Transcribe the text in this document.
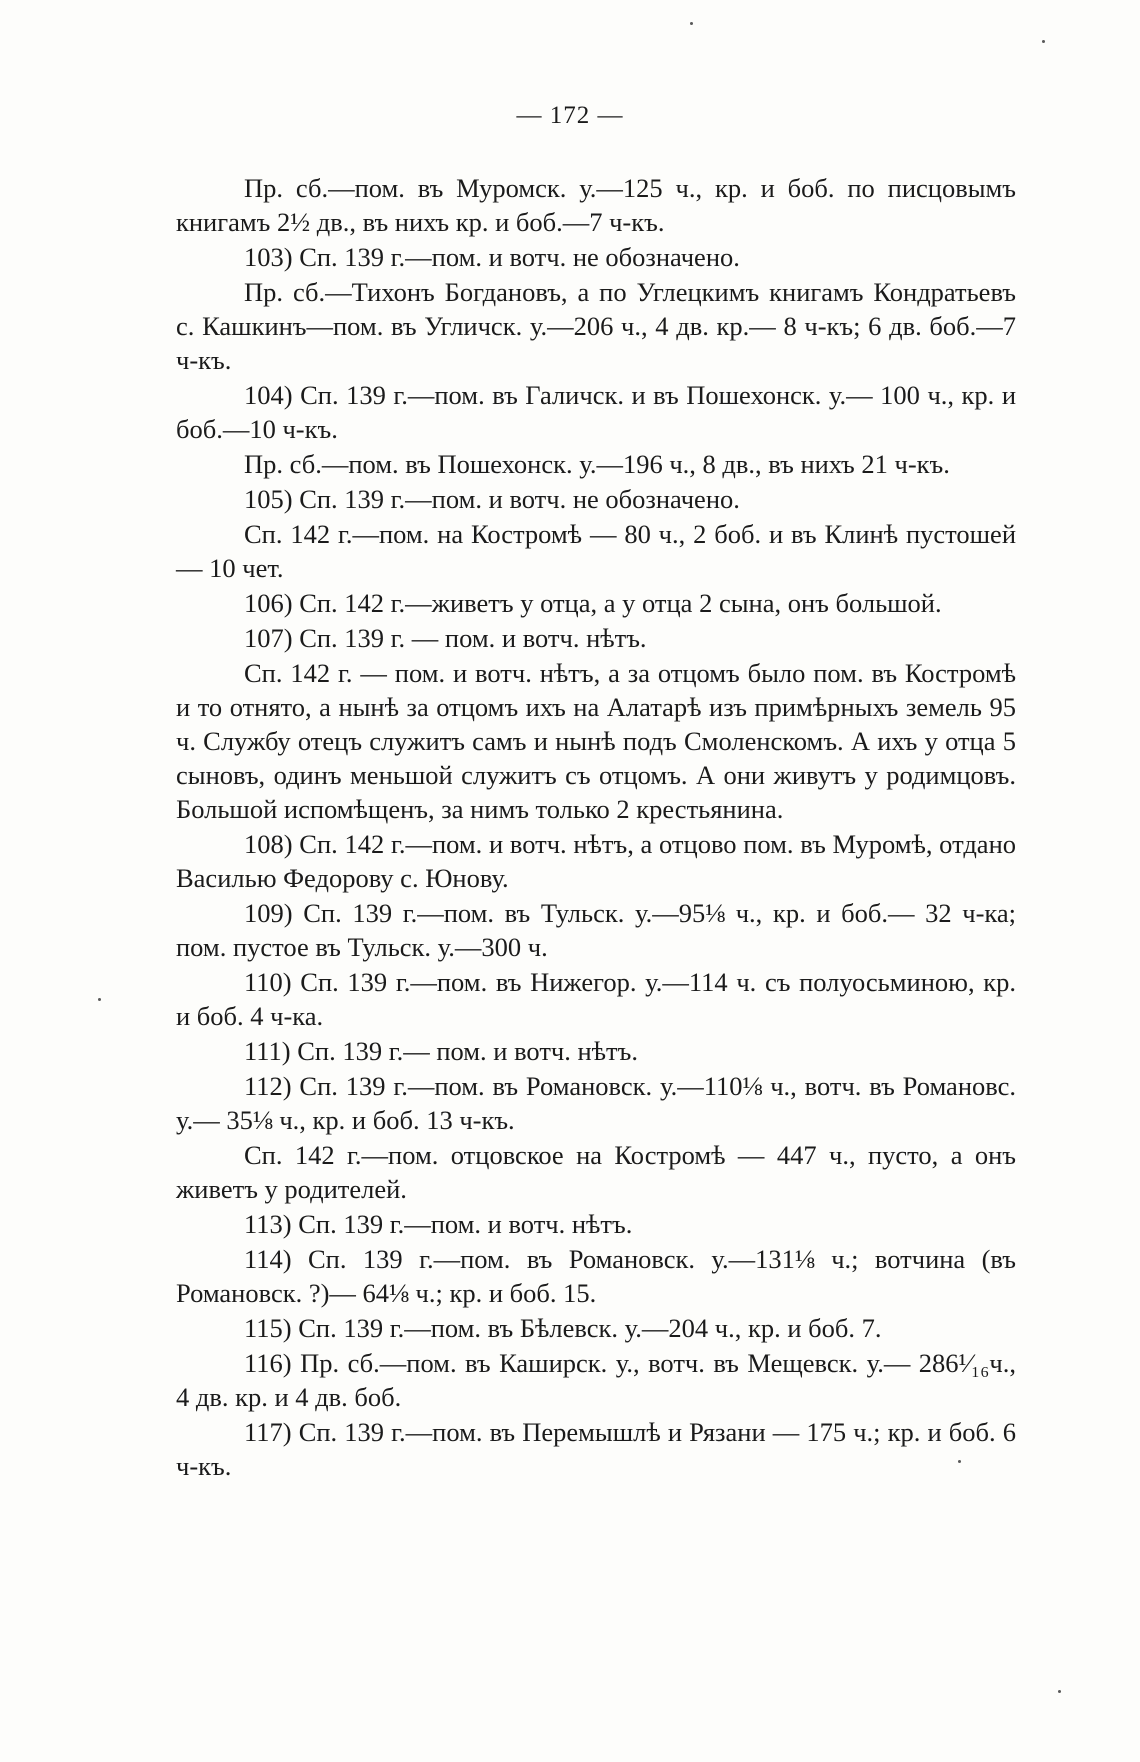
— 172 —

Пр. сб.—пом. въ Муромск. у.—125 ч., кр. и боб. по писцовымъ книгамъ 2½ дв., въ нихъ кр. и боб.—7 ч-къ.

103) Сп. 139 г.—пом. и вотч. не обозначено.

Пр. сб.—Тихонъ Богдановъ, а по Углецкимъ книгамъ Кондратьевъ с. Кашкинъ—пом. въ Угличск. у.—206 ч., 4 дв. кр.— 8 ч-къ; 6 дв. боб.—7 ч-къ.

104) Сп. 139 г.—пом. въ Галичск. и въ Пошехонск. у.— 100 ч., кр. и боб.—10 ч-къ.

Пр. сб.—пом. въ Пошехонск. у.—196 ч., 8 дв., въ нихъ 21 ч-къ.

105) Сп. 139 г.—пом. и вотч. не обозначено.

Сп. 142 г.—пом. на Костромѣ — 80 ч., 2 боб. и въ Клинѣ пустошей — 10 чет.

106) Сп. 142 г.—живетъ у отца, а у отца 2 сына, онъ большой.

107) Сп. 139 г. — пом. и вотч. нѣтъ.

Сп. 142 г. — пом. и вотч. нѣтъ, а за отцомъ было пом. въ Костромѣ и то отнято, а нынѣ за отцомъ ихъ на Алатарѣ изъ примѣрныхъ земель 95 ч. Службу отецъ служитъ самъ и нынѣ подъ Смоленскомъ. А ихъ у отца 5 сыновъ, одинъ меньшой служитъ съ отцомъ. А они живутъ у родимцовъ. Большой испомѣщенъ, за нимъ только 2 крестьянина.

108) Сп. 142 г.—пом. и вотч. нѣтъ, а отцово пом. въ Муромѣ, отдано Василью Федорову с. Юнову.

109) Сп. 139 г.—пом. въ Тульск. у.—95⅛ ч., кр. и боб.— 32 ч-ка; пом. пустое въ Тульск. у.—300 ч.

110) Сп. 139 г.—пом. въ Нижегор. у.—114 ч. съ полуосьминою, кр. и боб. 4 ч-ка.

111) Сп. 139 г.— пом. и вотч. нѣтъ.

112) Сп. 139 г.—пом. въ Романовск. у.—110⅛ ч., вотч. въ Романовс. у.— 35⅛ ч., кр. и боб. 13 ч-къ.

Сп. 142 г.—пом. отцовское на Костромѣ — 447 ч., пусто, а онъ живетъ у родителей.

113) Сп. 139 г.—пом. и вотч. нѣтъ.

114) Сп. 139 г.—пом. въ Романовск. у.—131⅛ ч.; вотчина (въ Романовск. ?)— 64⅛ ч.; кр. и боб. 15.

115) Сп. 139 г.—пом. въ Бѣлевск. у.—204 ч., кр. и боб. 7.

116) Пр. сб.—пом. въ Каширск. у., вотч. въ Мещевск. у.— 286¹⁄₁₆ч., 4 дв. кр. и 4 дв. боб.

117) Сп. 139 г.—пом. въ Перемышлѣ и Рязани — 175 ч.; кр. и боб. 6 ч-къ.
